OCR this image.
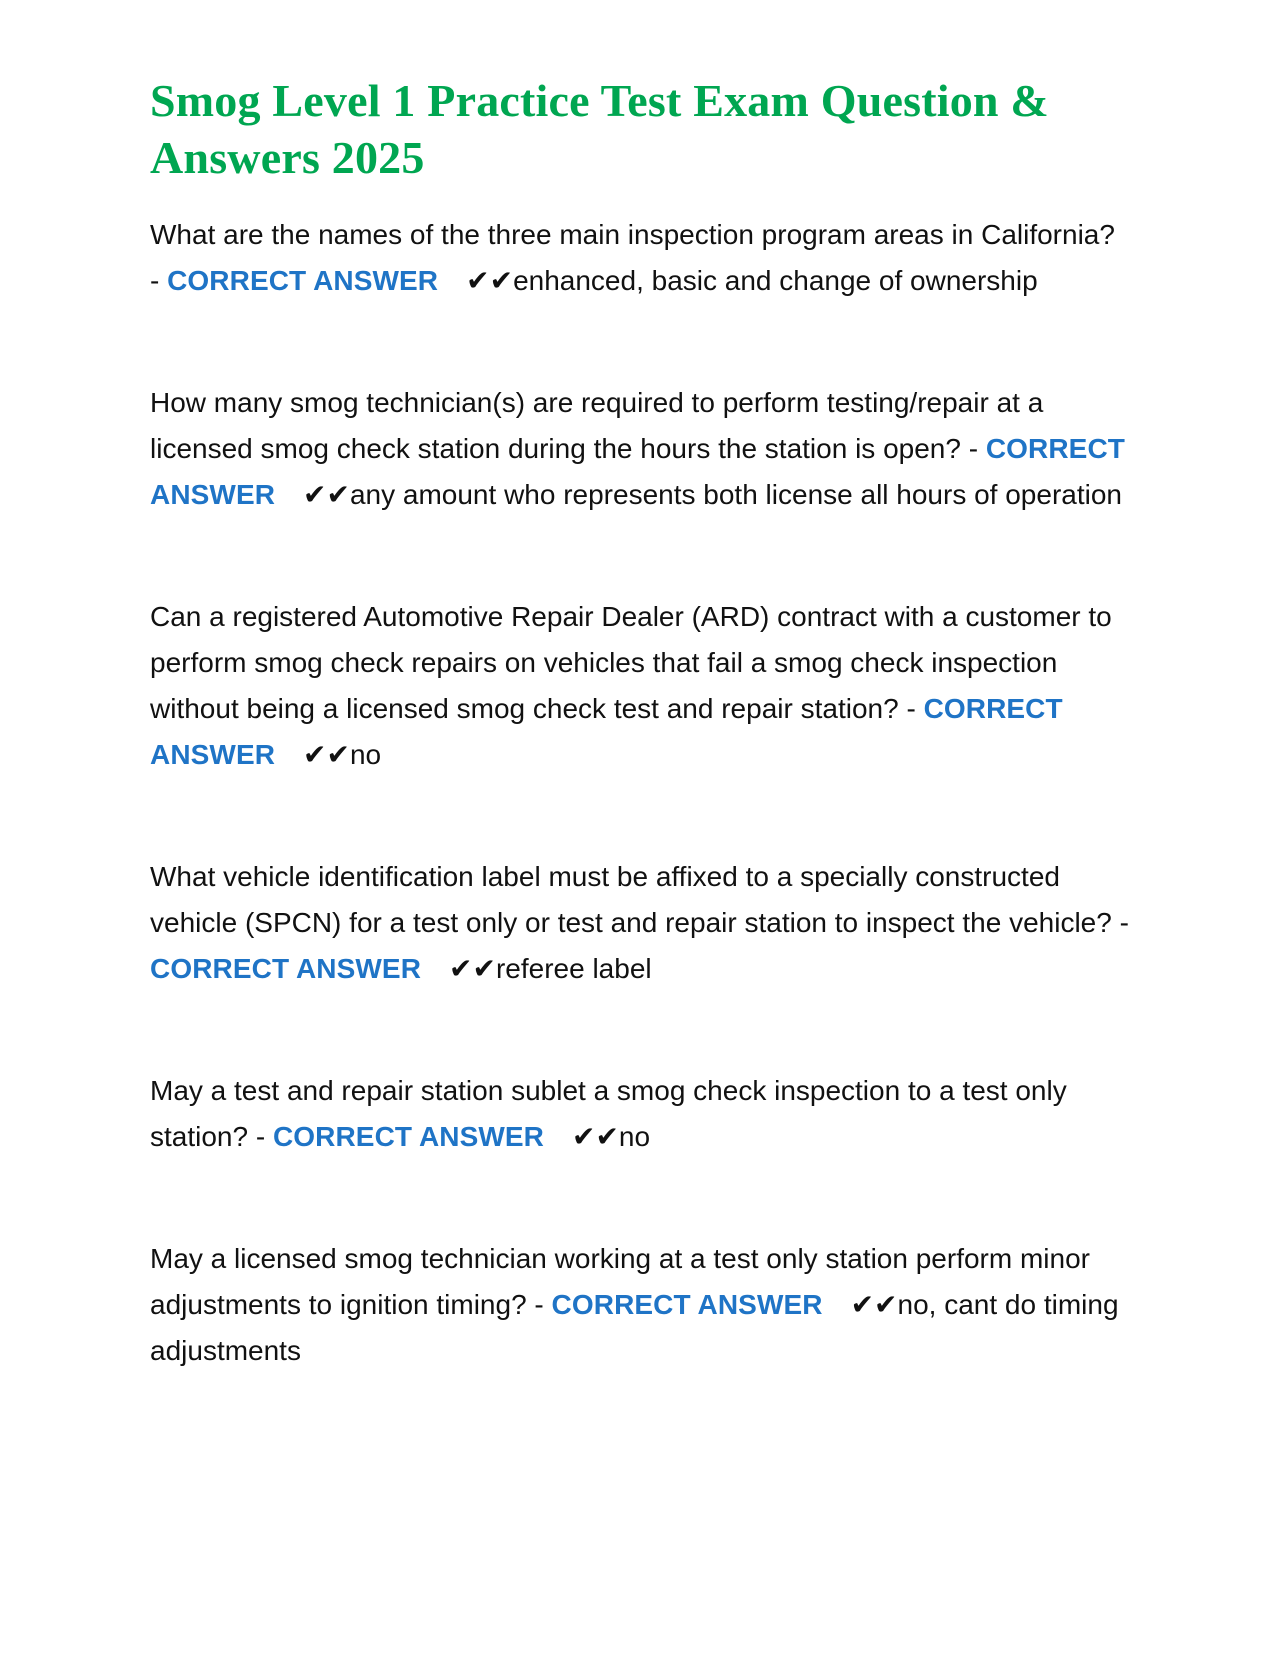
Smog Level 1 Practice Test Exam Question & Answers 2025

What are the names of the three main inspection program areas in California? - CORRECT ANSWER ✔✔enhanced, basic and change of ownership

How many smog technician(s) are required to perform testing/repair at a licensed smog check station during the hours the station is open? - CORRECT ANSWER ✔✔any amount who represents both license all hours of operation

Can a registered Automotive Repair Dealer (ARD) contract with a customer to perform smog check repairs on vehicles that fail a smog check inspection without being a licensed smog check test and repair station? - CORRECT ANSWER ✔✔no

What vehicle identification label must be affixed to a specially constructed vehicle (SPCN) for a test only or test and repair station to inspect the vehicle? - CORRECT ANSWER ✔✔referee label

May a test and repair station sublet a smog check inspection to a test only station? - CORRECT ANSWER ✔✔no

May a licensed smog technician working at a test only station perform minor adjustments to ignition timing? - CORRECT ANSWER ✔✔no, cant do timing adjustments
